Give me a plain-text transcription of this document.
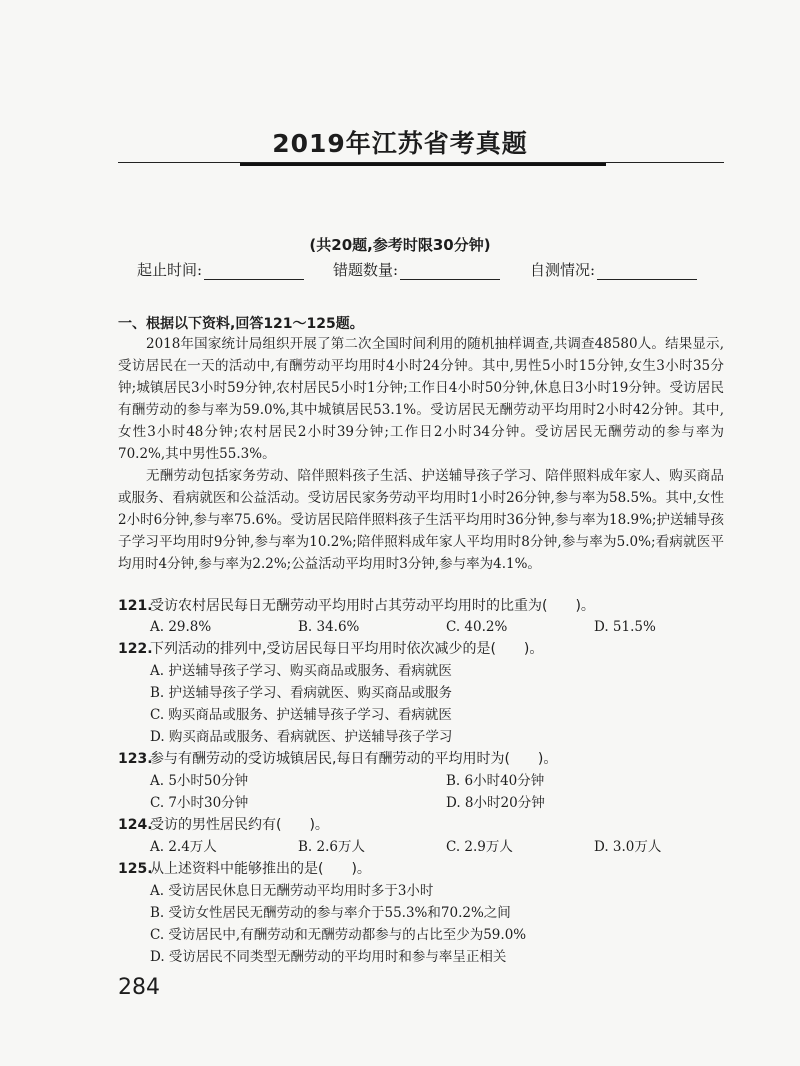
2019年江苏省考真题
(共20题,参考时限30分钟)
起止时间:	错题数量:	自测情况:
一、根据以下资料,回答121～125题。

2018年国家统计局组织开展了第二次全国时间利用的随机抽样调查,共调查48580人。结果显示,受访居民在一天的活动中,有酬劳动平均用时4小时24分钟。其中,男性5小时15分钟,女生3小时35分钟;城镇居民3小时59分钟,农村居民5小时1分钟;工作日4小时50分钟,休息日3小时19分钟。受访居民有酬劳动的参与率为59.0%,其中城镇居民53.1%。受访居民无酬劳动平均用时2小时42分钟。其中,女性3小时48分钟;农村居民2小时39分钟;工作日2小时34分钟。受访居民无酬劳动的参与率为70.2%,其中男性55.3%。

无酬劳动包括家务劳动、陪伴照料孩子生活、护送辅导孩子学习、陪伴照料成年家人、购买商品或服务、看病就医和公益活动。受访居民家务劳动平均用时1小时26分钟,参与率为58.5%。其中,女性2小时6分钟,参与率75.6%。受访居民陪伴照料孩子生活平均用时36分钟,参与率为18.9%;护送辅导孩子学习平均用时9分钟,参与率为10.2%;陪伴照料成年家人平均用时8分钟,参与率为5.0%;看病就医平均用时4分钟,参与率为2.2%;公益活动平均用时3分钟,参与率为4.1%。

121.受访农村居民每日无酬劳动平均用时占其劳动平均用时的比重为(　　)。
A. 29.8%	B. 34.6%	C. 40.2%	D. 51.5%
122.下列活动的排列中,受访居民每日平均用时依次减少的是(　　)。
A. 护送辅导孩子学习、购买商品或服务、看病就医
B. 护送辅导孩子学习、看病就医、购买商品或服务
C. 购买商品或服务、护送辅导孩子学习、看病就医
D. 购买商品或服务、看病就医、护送辅导孩子学习
123.参与有酬劳动的受访城镇居民,每日有酬劳动的平均用时为(　　)。
A. 5小时50分钟	B. 6小时40分钟
C. 7小时30分钟	D. 8小时20分钟
124.受访的男性居民约有(　　)。
A. 2.4万人	B. 2.6万人	C. 2.9万人	D. 3.0万人
125.从上述资料中能够推出的是(　　)。
A. 受访居民休息日无酬劳动平均用时多于3小时
B. 受访女性居民无酬劳动的参与率介于55.3%和70.2%之间
C. 受访居民中,有酬劳动和无酬劳动都参与的占比至少为59.0%
D. 受访居民不同类型无酬劳动的平均用时和参与率呈正相关
284
